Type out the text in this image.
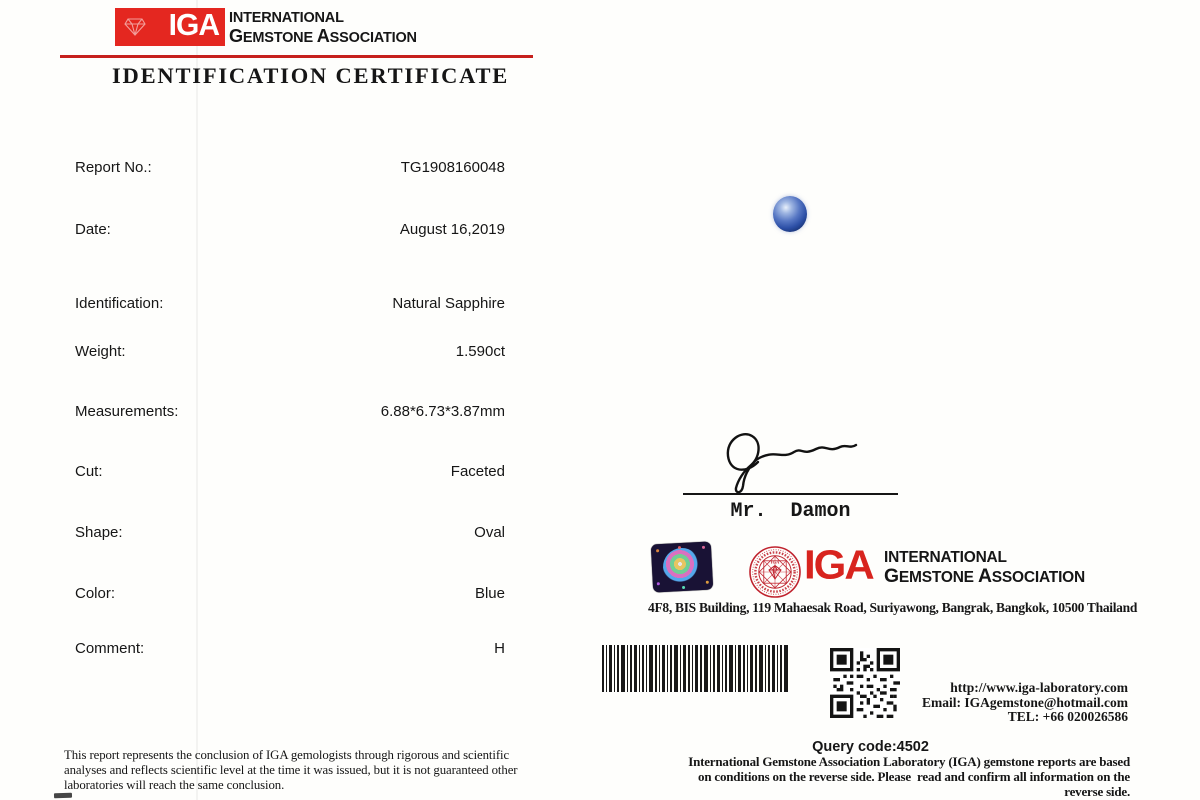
IGA INTERNATIONAL
GEMSTONE ASSOCIATION
IDENTIFICATION CERTIFICATE
Report No.:	TG1908160048
Date:	August 16,2019
Identification:	Natural Sapphire
Weight:	1.590ct
Measurements:	6.88*6.73*3.87mm
Cut:	Faceted
Shape:	Oval
Color:	Blue
Comment:	H
Mr.  Damon
IGA IGA INTERNATIONAL
GEMSTONE ASSOCIATION
4F8, BIS Building, 119 Mahaesak Road, Suriyawong, Bangrak, Bangkok, 10500 Thailand
http://www.iga-laboratory.com
Email: IGAgemstone@hotmail.com
TEL: +66 020026586
Query code:4502
International Gemstone Association Laboratory (IGA) gemstone reports are based on conditions on the reverse side. Please  read and confirm all information on the reverse side.
This report represents the conclusion of IGA gemologists through rigorous and scientific analyses and reflects scientific level at the time it was issued, but it is not guaranteed other laboratories will reach the same conclusion.
